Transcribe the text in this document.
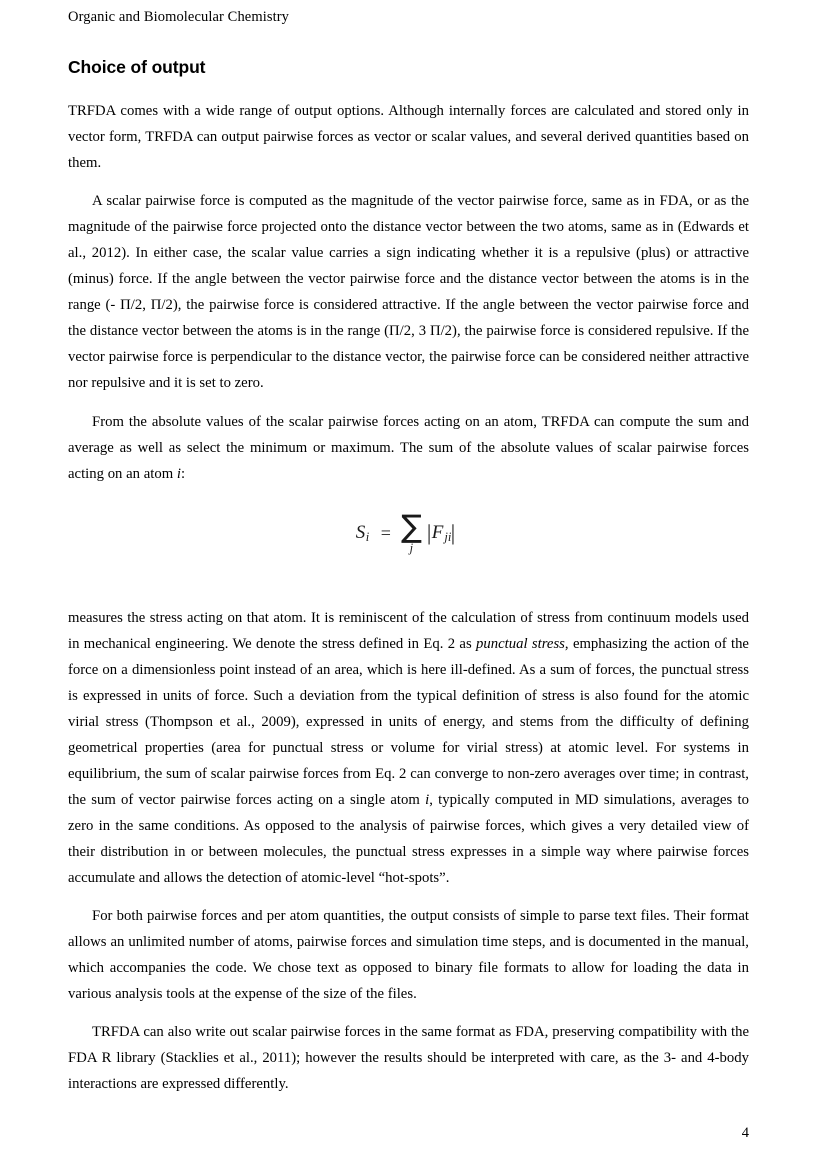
Organic and Biomolecular Chemistry
Choice of output

TRFDA comes with a wide range of output options. Although internally forces are calculated and stored only in vector form, TRFDA can output pairwise forces as vector or scalar values, and several derived quantities based on them.

A scalar pairwise force is computed as the magnitude of the vector pairwise force, same as in FDA, or as the magnitude of the pairwise force projected onto the distance vector between the two atoms, same as in (Edwards et al., 2012). In either case, the scalar value carries a sign indicating whether it is a repulsive (plus) or attractive (minus) force. If the angle between the vector pairwise force and the distance vector between the atoms is in the range (- Π/2, Π/2), the pairwise force is considered attractive. If the angle between the vector pairwise force and the distance vector between the atoms is in the range (Π/2, 3 Π/2), the pairwise force is considered repulsive. If the vector pairwise force is perpendicular to the distance vector, the pairwise force can be considered neither attractive nor repulsive and it is set to zero.

From the absolute values of the scalar pairwise forces acting on an atom, TRFDA can compute the sum and average as well as select the minimum or maximum. The sum of the absolute values of scalar pairwise forces acting on an atom i:

S i = ∑
j
| F ji |

measures the stress acting on that atom. It is reminiscent of the calculation of stress from continuum models used in mechanical engineering. We denote the stress defined in Eq. 2 as punctual stress, emphasizing the action of the force on a dimensionless point instead of an area, which is here ill-defined. As a sum of forces, the punctual stress is expressed in units of force. Such a deviation from the typical definition of stress is also found for the atomic virial stress (Thompson et al., 2009), expressed in units of energy, and stems from the difficulty of defining geometrical properties (area for punctual stress or volume for virial stress) at atomic level. For systems in equilibrium, the sum of scalar pairwise forces from Eq. 2 can converge to non-zero averages over time; in contrast, the sum of vector pairwise forces acting on a single atom i, typically computed in MD simulations, averages to zero in the same conditions. As opposed to the analysis of pairwise forces, which gives a very detailed view of their distribution in or between molecules, the punctual stress expresses in a simple way where pairwise forces accumulate and allows the detection of atomic-level “hot-spots”.

For both pairwise forces and per atom quantities, the output consists of simple to parse text files. Their format allows an unlimited number of atoms, pairwise forces and simulation time steps, and is documented in the manual, which accompanies the code. We chose text as opposed to binary file formats to allow for loading the data in various analysis tools at the expense of the size of the files.

TRFDA can also write out scalar pairwise forces in the same format as FDA, preserving compatibility with the FDA R library (Stacklies et al., 2011); however the results should be interpreted with care, as the 3- and 4-body interactions are expressed differently.

4
